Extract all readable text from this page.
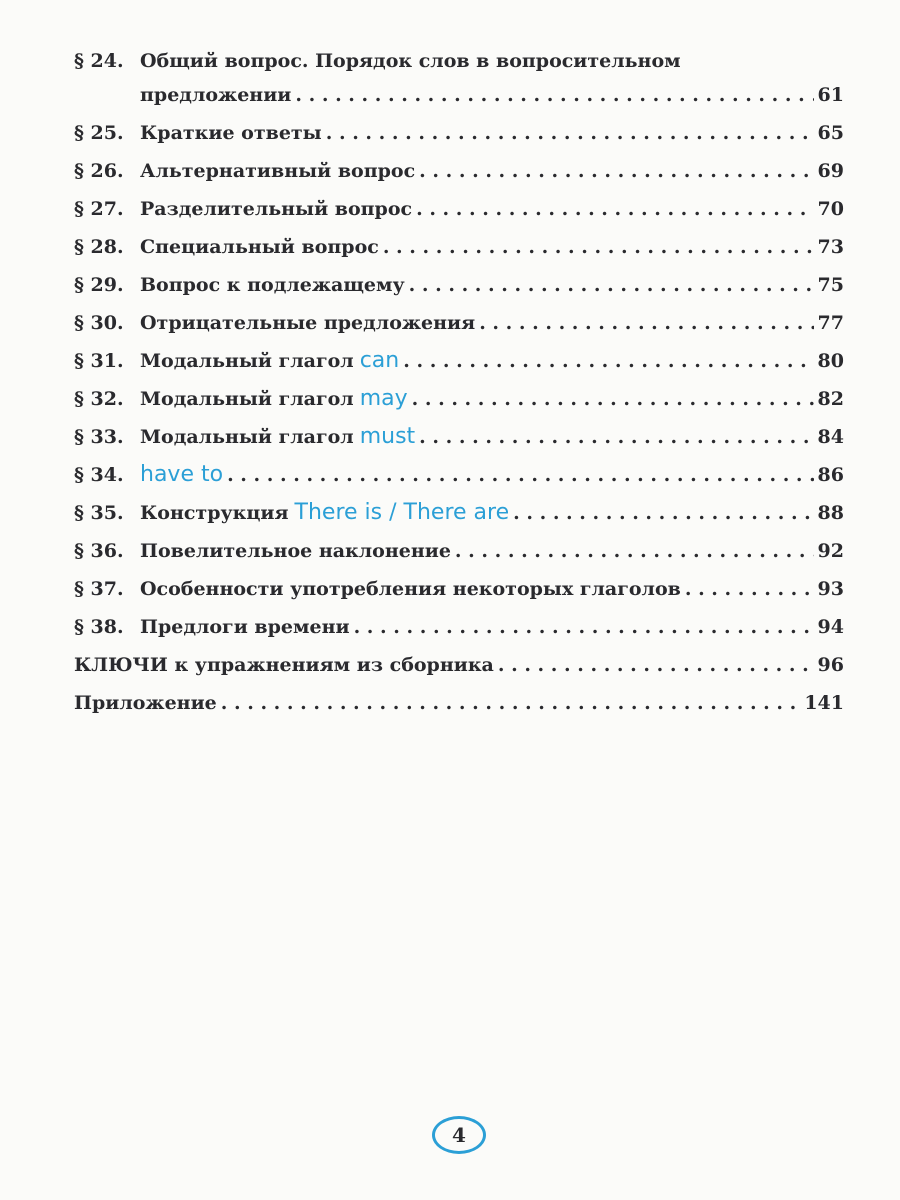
§ 24. Общий вопрос. Порядок слов в вопросительном
предложении . . .	61
§ 25. Краткие ответы . . .	65
§ 26. Альтернативный вопрос . . .	69
§ 27. Разделительный вопрос . . .	70
§ 28. Специальный вопрос . . .	73
§ 29. Вопрос к подлежащему . . .	75
§ 30. Отрицательные предложения . . .	77
§ 31. Модальный глагол can . . .	80
§ 32. Модальный глагол may . . .	82
§ 33. Модальный глагол must . . .	84
§ 34. have to . . .	86
§ 35. Конструкция There is / There are . . .	88
§ 36. Повелительное наклонение . . .	92
§ 37. Особенности употребления некоторых глаголов . . .	93
§ 38. Предлоги времени . . .	94
КЛЮЧИ к упражнениям из сборника . . .	96
Приложение . . .	141
4
